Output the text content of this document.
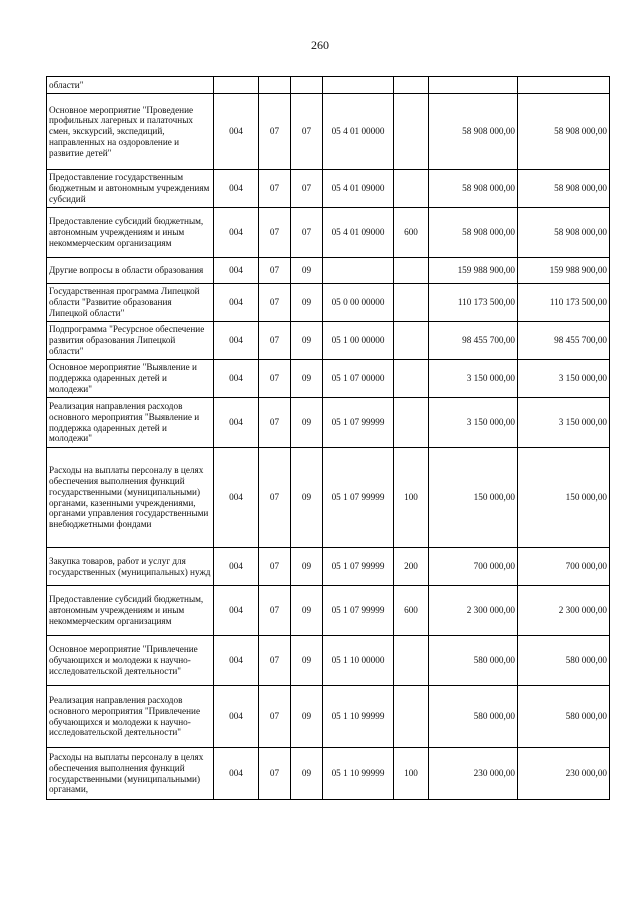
260
области"							
Основное мероприятие "Проведение профильных лагерных и палаточных смен, экскурсий, экспедиций, направленных на оздоровление и развитие детей"	004	07	07	05 4 01 00000		58 908 000,00	58 908 000,00
Предоставление государственным бюджетным и автономным учреждениям субсидий	004	07	07	05 4 01 09000		58 908 000,00	58 908 000,00
Предоставление субсидий бюджетным, автономным учреждениям и иным некоммерческим организациям	004	07	07	05 4 01 09000	600	58 908 000,00	58 908 000,00
Другие вопросы в области образования	004	07	09			159 988 900,00	159 988 900,00
Государственная программа Липецкой области "Развитие образования Липецкой области"	004	07	09	05 0 00 00000		110 173 500,00	110 173 500,00
Подпрограмма "Ресурсное обеспечение развития образования Липецкой области"	004	07	09	05 1 00 00000		98 455 700,00	98 455 700,00
Основное мероприятие "Выявление и поддержка одаренных детей и молодежи"	004	07	09	05 1 07 00000		3 150 000,00	3 150 000,00
Реализация направления расходов основного мероприятия "Выявление и поддержка одаренных детей и молодежи"	004	07	09	05 1 07 99999		3 150 000,00	3 150 000,00
Расходы на выплаты персоналу в целях обеспечения выполнения функций государственными (муниципальными) органами, казенными учреждениями, органами управления государственными внебюджетными фондами	004	07	09	05 1 07 99999	100	150 000,00	150 000,00
Закупка товаров, работ и услуг для государственных (муниципальных) нужд	004	07	09	05 1 07 99999	200	700 000,00	700 000,00
Предоставление субсидий бюджетным, автономным учреждениям и иным некоммерческим организациям	004	07	09	05 1 07 99999	600	2 300 000,00	2 300 000,00
Основное мероприятие "Привлечение обучающихся и молодежи к научно-исследовательской деятельности"	004	07	09	05 1 10 00000		580 000,00	580 000,00
Реализация направления расходов основного мероприятия "Привлечение обучающихся и молодежи к научно-исследовательской деятельности"	004	07	09	05 1 10 99999		580 000,00	580 000,00
Расходы на выплаты персоналу в целях обеспечения выполнения функций государственными (муниципальными) органами,	004	07	09	05 1 10 99999	100	230 000,00	230 000,00
